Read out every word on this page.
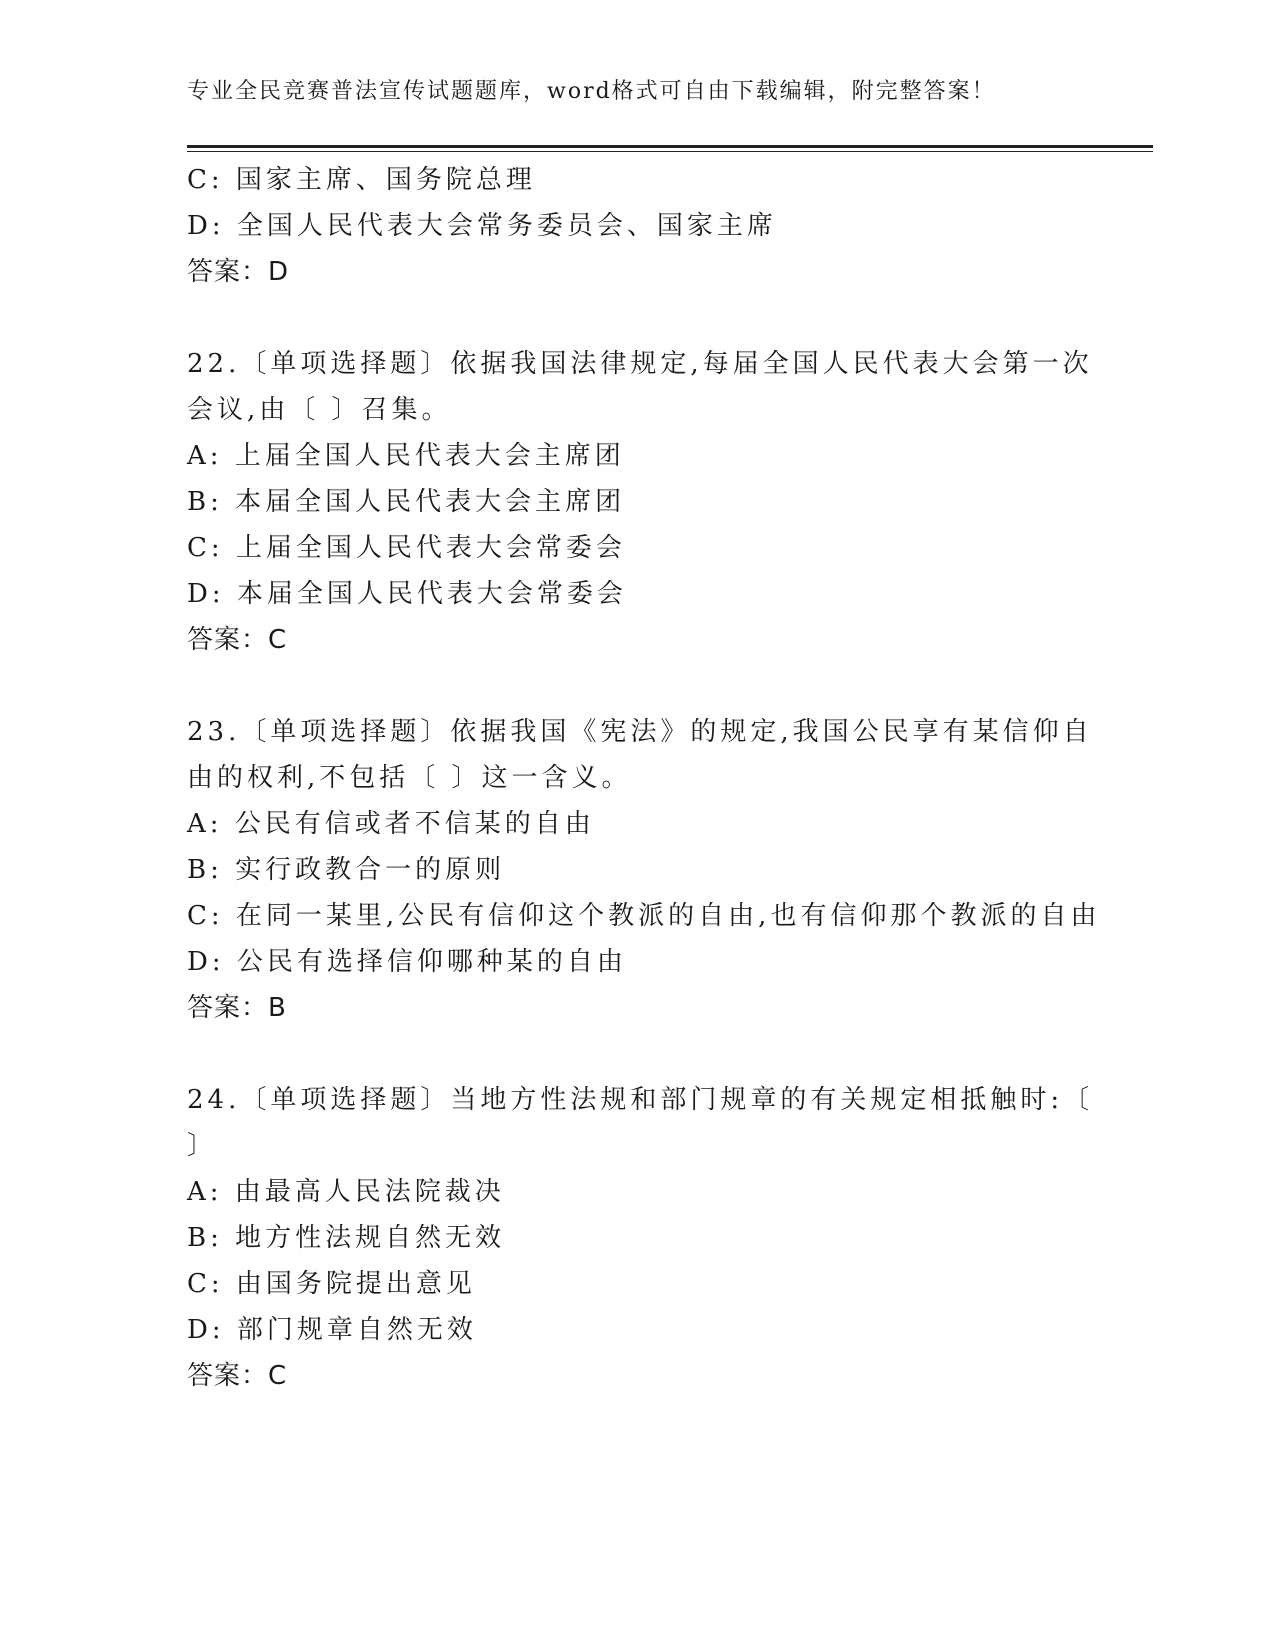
专业全民竞赛普法宣传试题题库，word格式可自由下载编辑，附完整答案！
C: 国家主席、国务院总理
D: 全国人民代表大会常务委员会、国家主席
答案：D
22.〔单项选择题〕依据我国法律规定,每届全国人民代表大会第一次
会议,由〔 〕召集。
A: 上届全国人民代表大会主席团
B: 本届全国人民代表大会主席团
C: 上届全国人民代表大会常委会
D: 本届全国人民代表大会常委会
答案：C
23.〔单项选择题〕依据我国《宪法》的规定,我国公民享有某信仰自
由的权利,不包括〔 〕这一含义。
A: 公民有信或者不信某的自由
B: 实行政教合一的原则
C: 在同一某里,公民有信仰这个教派的自由,也有信仰那个教派的自由
D: 公民有选择信仰哪种某的自由
答案：B
24.〔单项选择题〕当地方性法规和部门规章的有关规定相抵触时:〔
〕
A: 由最高人民法院裁决
B: 地方性法规自然无效
C: 由国务院提出意见
D: 部门规章自然无效
答案：C
